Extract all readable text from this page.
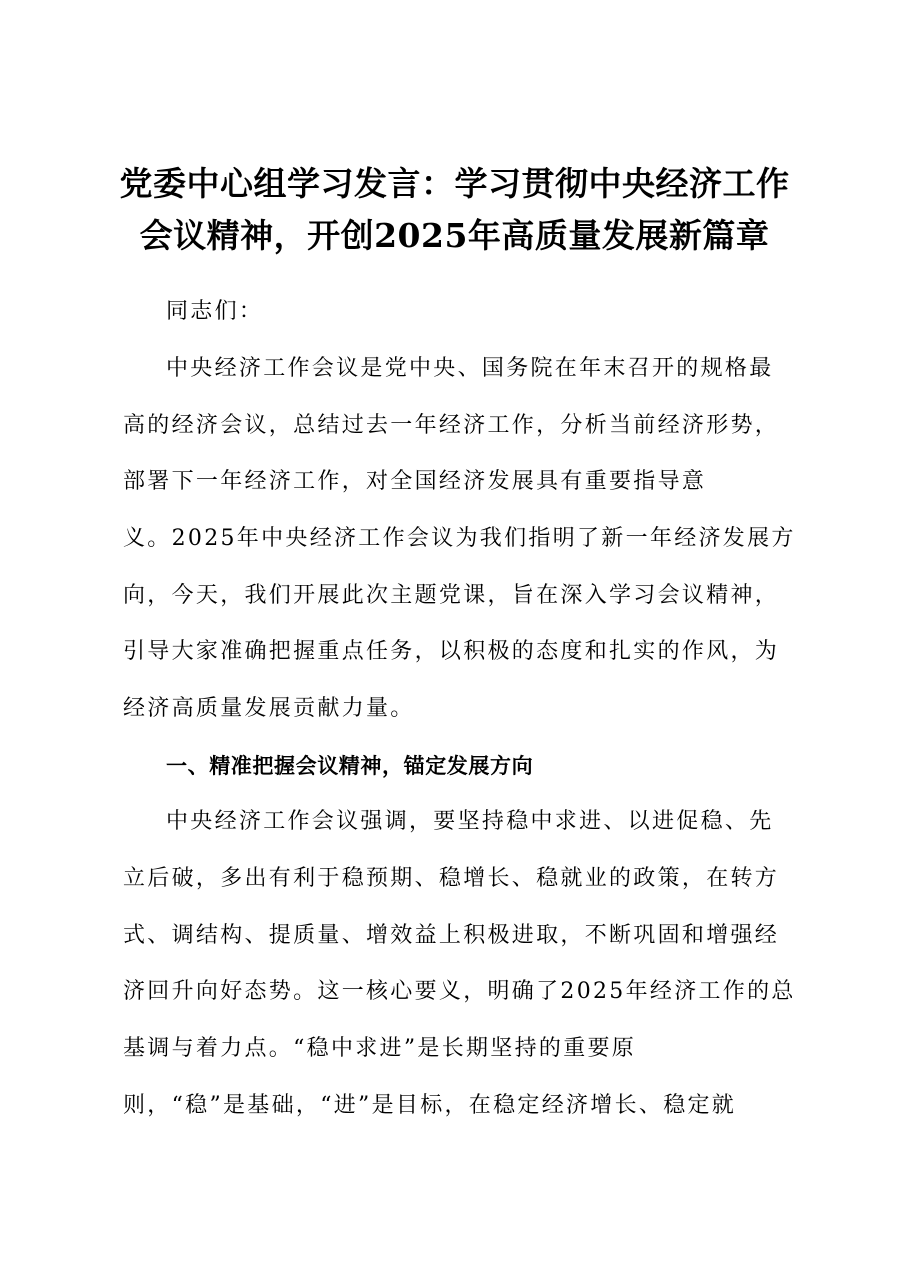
党委中心组学习发言：学习贯彻中央经济工作
会议精神，开创2025年高质量发展新篇章

同志们：

中央经济工作会议是党中央、国务院在年末召开的规格最

高的经济会议，总结过去一年经济工作，分析当前经济形势，

部署下一年经济工作，对全国经济发展具有重要指导意

义。2025年中央经济工作会议为我们指明了新一年经济发展方

向，今天，我们开展此次主题党课，旨在深入学习会议精神，

引导大家准确把握重点任务，以积极的态度和扎实的作风，为

经济高质量发展贡献力量。

一、精准把握会议精神，锚定发展方向

中央经济工作会议强调，要坚持稳中求进、以进促稳、先

立后破，多出有利于稳预期、稳增长、稳就业的政策，在转方

式、调结构、提质量、增效益上积极进取，不断巩固和增强经

济回升向好态势。这一核心要义，明确了2025年经济工作的总

基调与着力点。“稳中求进”是长期坚持的重要原

则，“稳”是基础，“进”是目标，在稳定经济增长、稳定就
